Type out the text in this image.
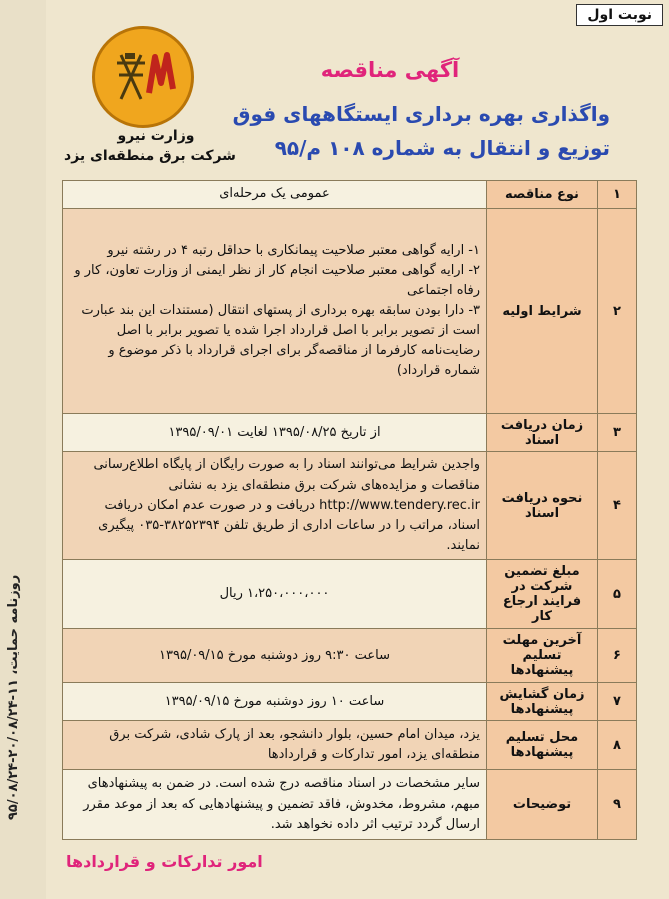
روزنامه حمایت، ۱۱-۲۰/۰۸/۲۴-۹۵/۰۸/۲۴
نوبت اول
وزارت نیرو
شرکت برق منطقه‌ای یزد
آگهی مناقصه
واگذاری بهره برداری ایستگاههای فوق
توزیع و انتقال به شماره ۱۰۸ م/۹۵
۱	نوع مناقصه	عمومی یک مرحله‌ای
۲	شرایط اولیه	۱- ارایه گواهی معتبر صلاحیت پیمانکاری با حداقل رتبه ۴ در رشته نیرو
۲- ارایه گواهی معتبر صلاحیت انجام کار از نظر ایمنی از وزارت تعاون، کار و رفاه اجتماعی
۳- دارا بودن سابقه بهره برداری از پستهای انتقال (مستندات این بند عبارت است از تصویر برابر با اصل قرارداد اجرا شده یا تصویر برابر با اصل رضایت‌نامه کارفرما از مناقصه‌گر برای اجرای قرارداد با ذکر موضوع و شماره قرارداد)

۳	زمان دریافت اسناد	از تاریخ ۱۳۹۵/۰۸/۲۵ لغایت ۱۳۹۵/۰۹/۰۱
۴	نحوه دریافت اسناد	واجدین شرایط می‌توانند اسناد را به صورت رایگان از پایگاه اطلاع‌رسانی مناقصات و مزایده‌های شرکت برق منطقه‌ای یزد به نشانی http://www.tendery.rec.ir دریافت و در صورت عدم امکان دریافت اسناد، مراتب را در ساعات اداری از طریق تلفن ۳۸۲۵۲۳۹۴-۰۳۵ پیگیری نمایند.
۵	مبلغ تضمین شرکت در فرایند ارجاع کار	۱،۲۵۰،۰۰۰،۰۰۰ ریال
۶	آخرین مهلت تسلیم پیشنهادها	ساعت ۹:۳۰ روز دوشنبه مورخ ۱۳۹۵/۰۹/۱۵
۷	زمان گشایش پیشنهادها	ساعت ۱۰ روز دوشنبه مورخ ۱۳۹۵/۰۹/۱۵
۸	محل تسلیم پیشنهادها	یزد، میدان امام حسین، بلوار دانشجو، بعد از پارک شادی، شرکت برق منطقه‌ای یزد، امور تدارکات و قراردادها
۹	توضیحات	سایر مشخصات در اسناد مناقصه درج شده است. در ضمن به پیشنهادهای مبهم، مشروط، مخدوش، فاقد تضمین و پیشنهادهایی که بعد از موعد مقرر ارسال گردد ترتیب اثر داده نخواهد شد.
امور تدارکات و قراردادها
